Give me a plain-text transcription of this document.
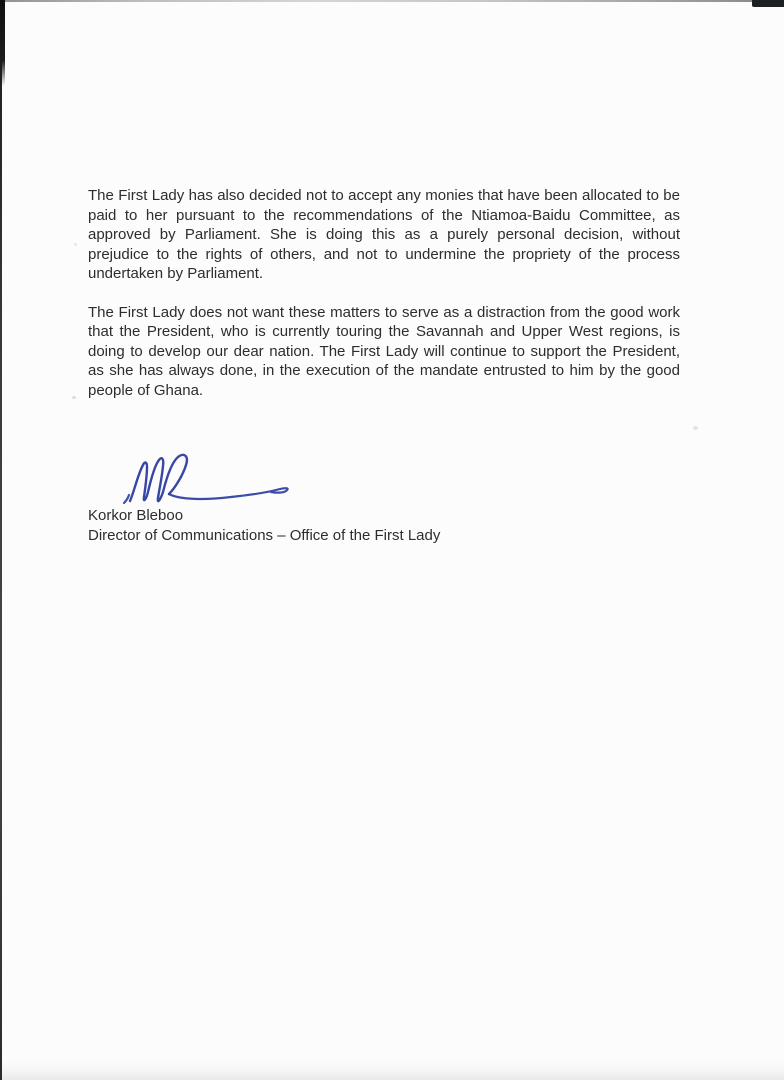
The First Lady has also decided not to accept any monies that have been allocated to be paid to her pursuant to the recommendations of the Ntiamoa-Baidu Committee, as approved by Parliament. She is doing this as a purely personal decision, without prejudice to the rights of others, and not to undermine the propriety of the process undertaken by Parliament.

The First Lady does not want these matters to serve as a distraction from the good work that the President, who is currently touring the Savannah and Upper West regions, is doing to develop our dear nation. The First Lady will continue to support the President, as she has always done, in the execution of the mandate entrusted to him by the good people of Ghana.

Korkor Bleboo
Director of Communications – Office of the First Lady
